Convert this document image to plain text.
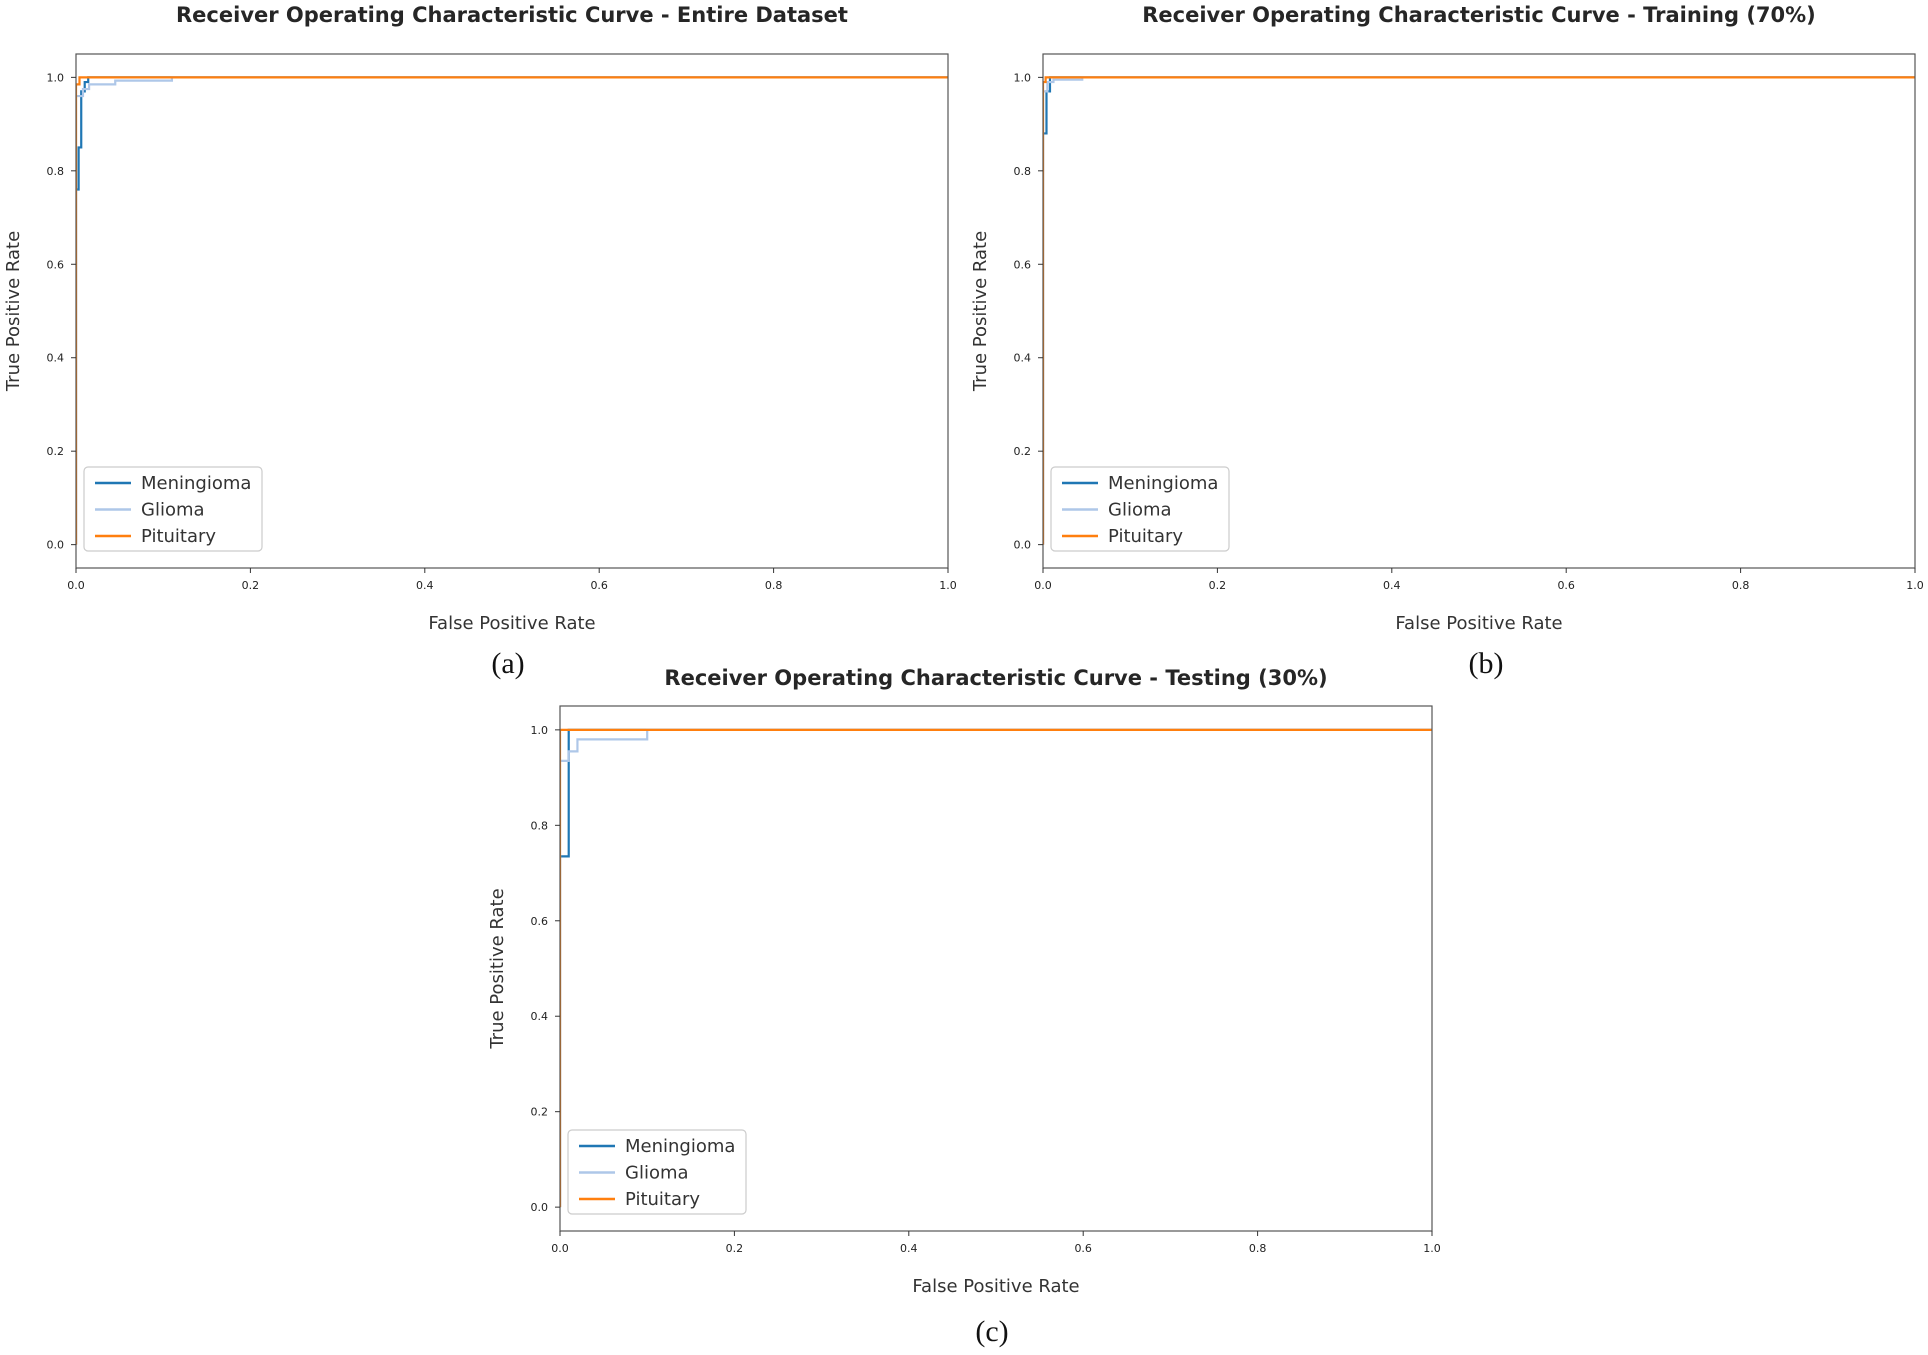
Receiver Operating Characteristic Curve - Entire Dataset
0.0	0.2	0.4	0.6	0.8	1.0
0.0
0.2
0.4
0.6
0.8
1.0
False Positive Rate
True Positive Rate
Meningioma
Glioma
Pituitary
(a)
Receiver Operating Characteristic Curve - Training (70%)
0.0	0.2	0.4	0.6	0.8	1.0
0.0
0.2
0.4
0.6
0.8
1.0
False Positive Rate
True Positive Rate
Meningioma
Glioma
Pituitary
(b)
Receiver Operating Characteristic Curve - Testing (30%)
0.0	0.2	0.4	0.6	0.8	1.0
0.0
0.2
0.4
0.6
0.8
1.0
False Positive Rate
True Positive Rate
Meningioma
Glioma
Pituitary
(c)
